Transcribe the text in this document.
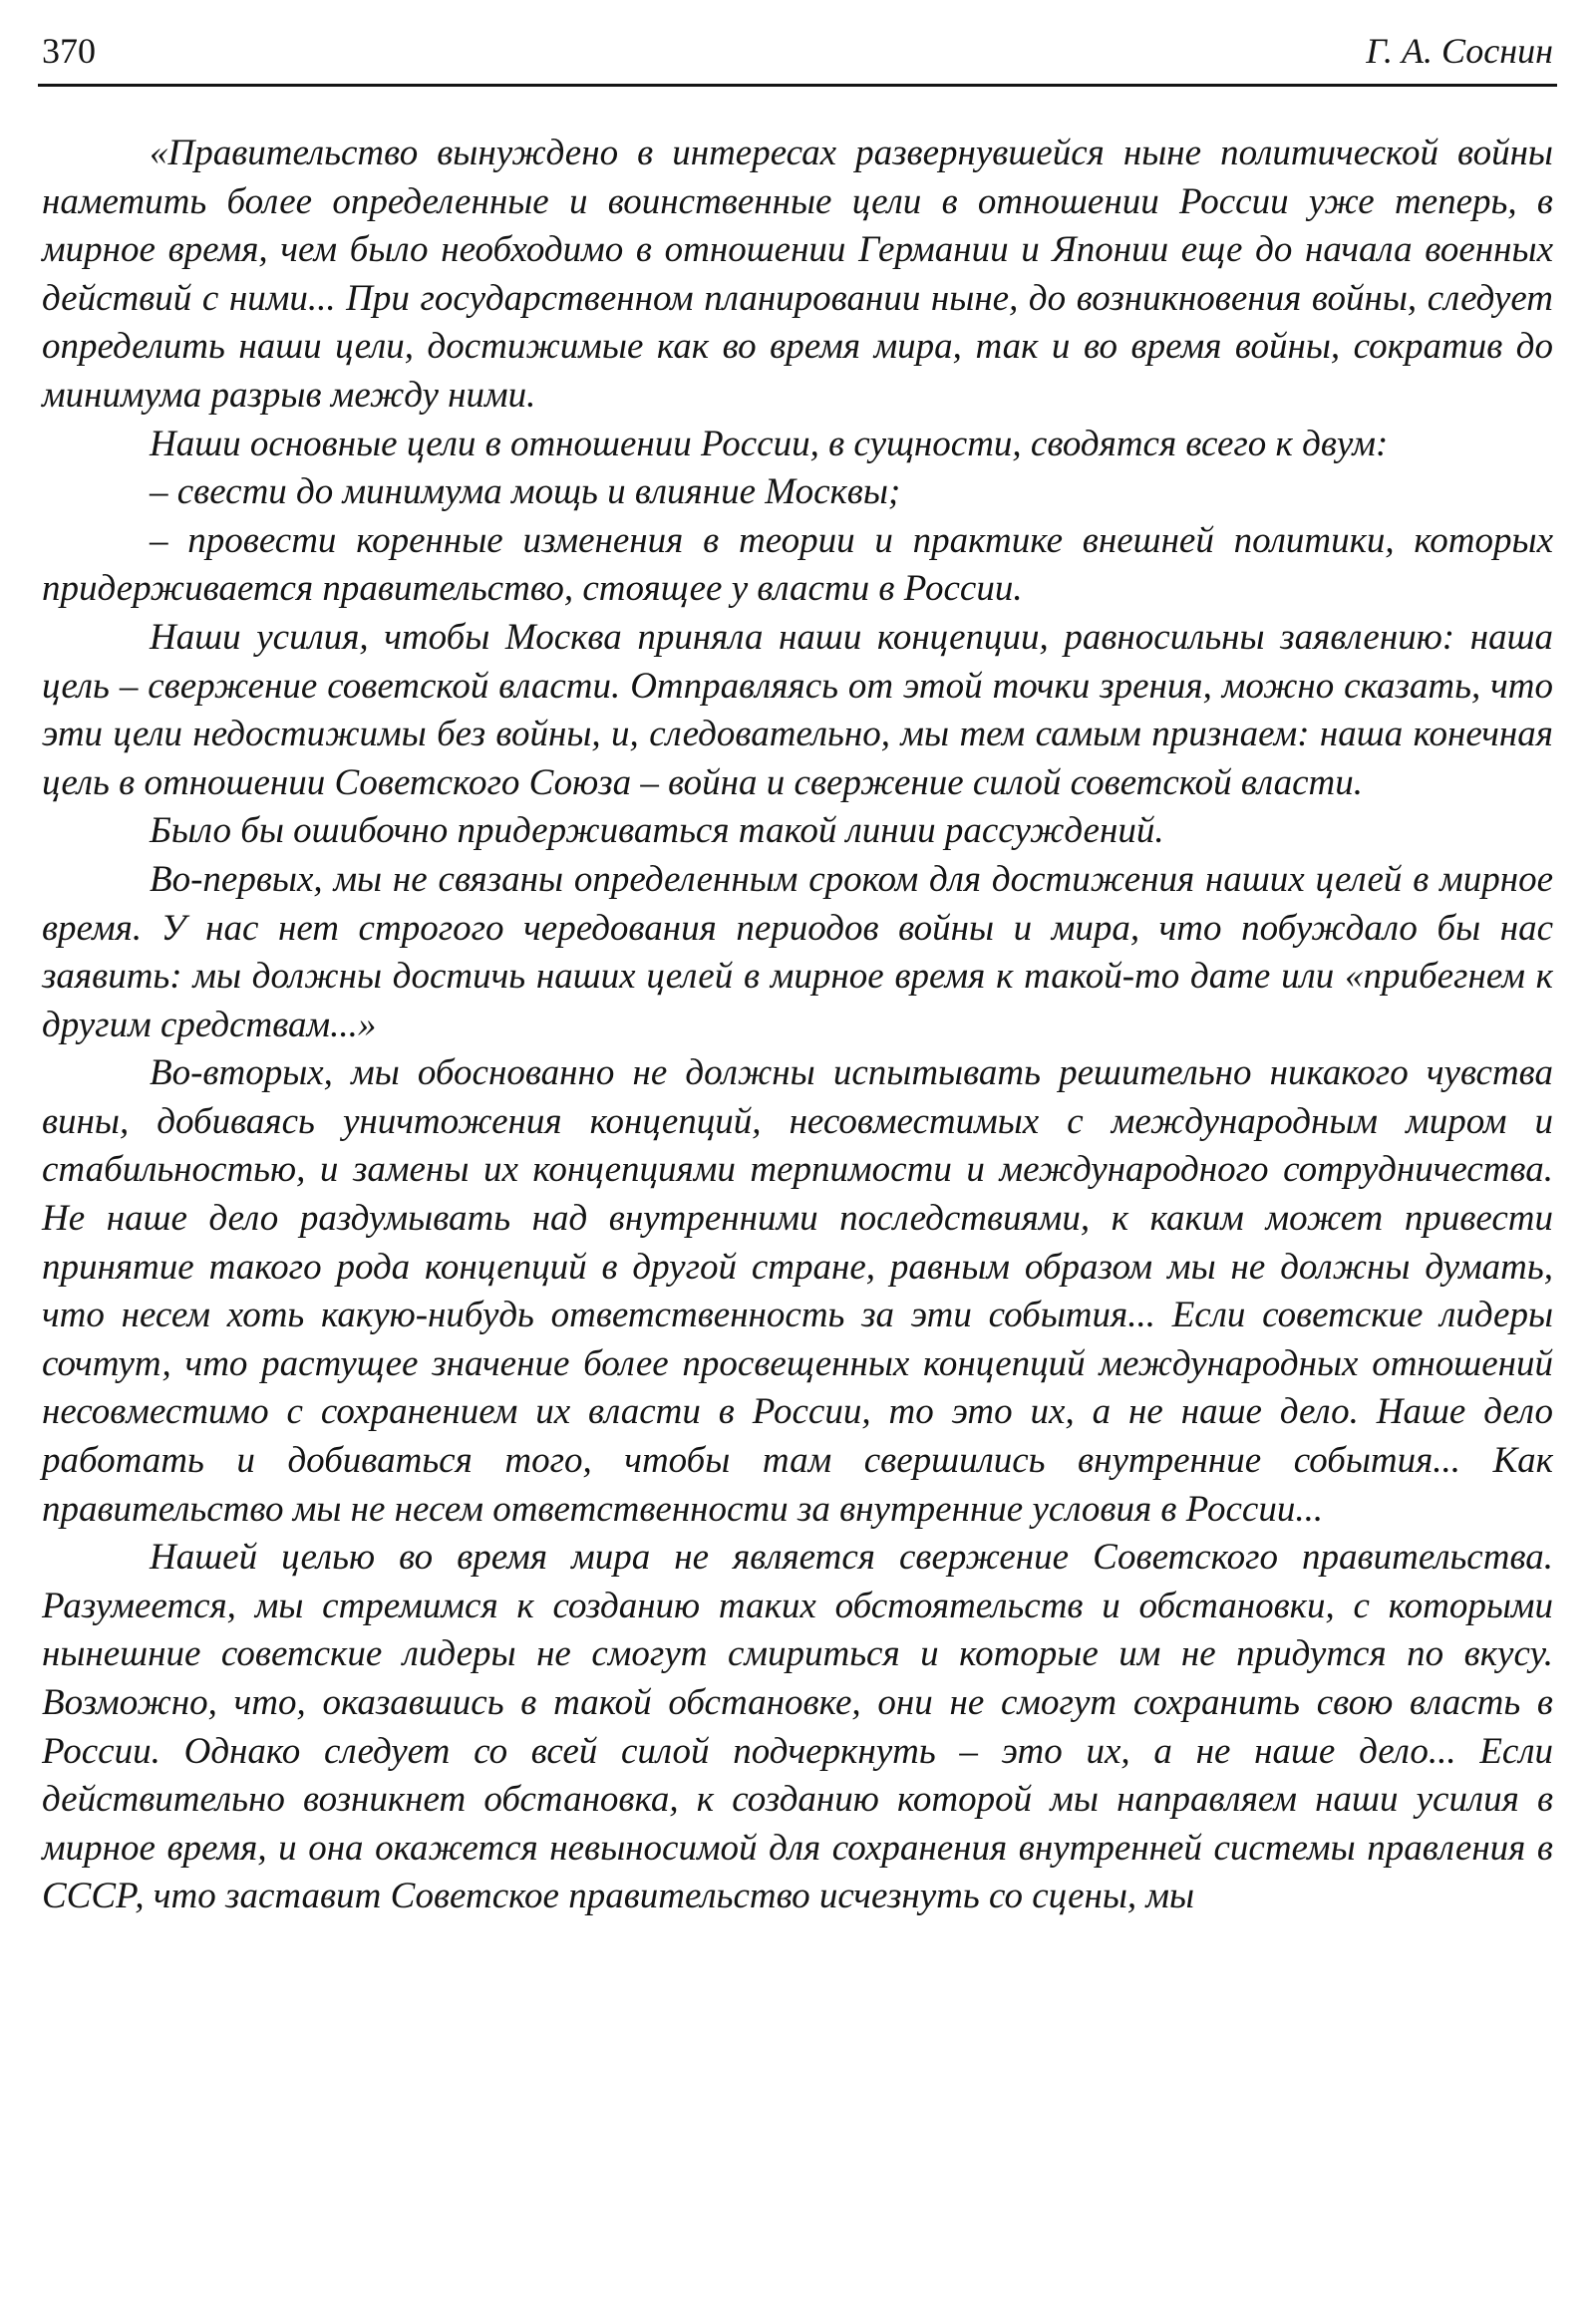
370	Г. А. Соснин

«Правительство вынуждено в интересах развернувшейся ныне политической войны наметить более определенные и воинственные цели в отношении России уже теперь, в мирное время, чем было необходимо в отношении Германии и Японии еще до начала военных действий с ними... При государственном планировании ныне, до возникновения войны, следует определить наши цели, достижимые как во время мира, так и во время войны, сократив до минимума разрыв между ними.

Наши основные цели в отношении России, в сущности, сводятся всего к двум:

– свести до минимума мощь и влияние Москвы;

– провести коренные изменения в теории и практике внешней политики, которых придерживается правительство, стоящее у власти в России.

Наши усилия, чтобы Москва приняла наши концепции, равносильны заявлению: наша цель – свержение советской власти. Отправляясь от этой точки зрения, можно сказать, что эти цели недостижимы без войны, и, следовательно, мы тем самым признаем: наша конечная цель в отношении Советского Союза – война и свержение силой советской власти.

Было бы ошибочно придерживаться такой линии рассуждений.

Во-первых, мы не связаны определенным сроком для достижения наших целей в мирное время. У нас нет строгого чередования периодов войны и мира, что побуждало бы нас заявить: мы должны достичь наших целей в мирное время к такой-то дате или «прибегнем к другим средствам...»

Во-вторых, мы обоснованно не должны испытывать решительно никакого чувства вины, добиваясь уничтожения концепций, несовместимых с международным миром и стабильностью, и замены их концепциями терпимости и международного сотрудничества. Не наше дело раздумывать над внутренними последствиями, к каким может привести принятие такого рода концепций в другой стране, равным образом мы не должны думать, что несем хоть какую-нибудь ответственность за эти события... Если советские лидеры сочтут, что растущее значение более просвещенных концепций международных отношений несовместимо с сохранением их власти в России, то это их, а не наше дело. Наше дело работать и добиваться того, чтобы там свершились внутренние события... Как правительство мы не несем ответственности за внутренние условия в России...

Нашей целью во время мира не является свержение Советского правительства. Разумеется, мы стремимся к созданию таких обстоятельств и обстановки, с которыми нынешние советские лидеры не смогут смириться и которые им не придутся по вкусу. Возможно, что, оказавшись в такой обстановке, они не смогут сохранить свою власть в России. Однако следует со всей силой подчеркнуть – это их, а не наше дело... Если действительно возникнет обстановка, к созданию которой мы направляем наши усилия в мирное время, и она окажется невыносимой для сохранения внутренней системы правления в СССР, что заставит Советское правительство исчезнуть со сцены, мы
